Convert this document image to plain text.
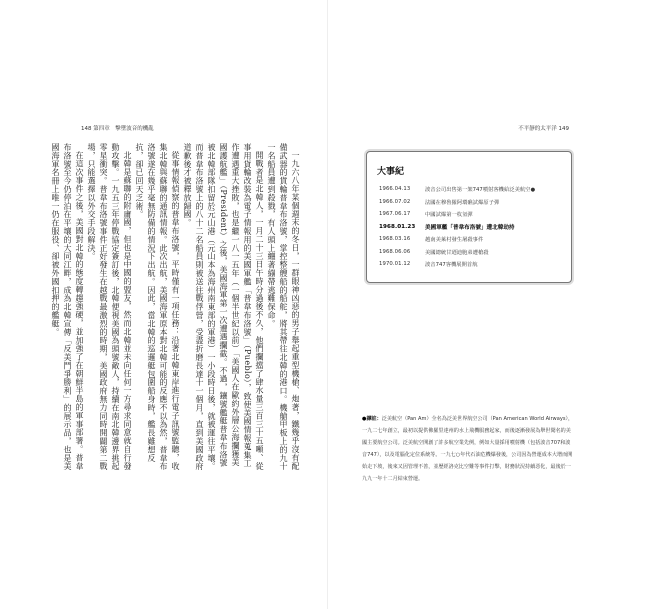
148 第四章　撃墜波音的機亂	不平靜的太平洋 149

一九六八年某個週末的冬日，一群眼神凶惡的男子舉起重型機槍、炮著，鐵幾乎沒有配備武器的貨輪普韋布洛號，掌控整艘船的船舵，將其帶往北韓的港口。機艙甲板上的九十一名船員遭到殺戮，有人頭上纏著繃帶逃難保命。

開戰者是北韓人，一月二十三日午時分過後不久，他們攔擋了肆水量三百三十五噸、從事用貨輪改裝為電子情報用的美國軍艦「普韋布洛號」（Pueblo），致使美國情報蒐集工作遭遇重大挫敗，也是繼一八一五年（一個半世紀以前）「美國人在歐約外層公海攔獲美國護航艦」（President）之後，美國海軍第一次遭遇攔截。不過，鑲號艦艇普韋布洛號被北韓部隊扣留於元山港（元山本為海州南東部的軍港）一小段時日後，就被運往平壤。而普韋布洛號上的八十二名船員則被送往戰俘營，受盡折磨長達十一個月，直到美國政府道歉後才被釋放歸國。

從事情報偵察的普韋布洛號，平時僅有一項任務：沿著北韓東岸進行電子訊號監聽，收集北韓與蘇聯的通訊情報。此次出航，美國海軍原本對北韓可能的反應不以為然，普韋布洛號遂在幾乎毫無防備的情況下出航。因此，當北韓的巡邏艇包圍船身時，艦長雖想反抗，卻已回天乏術。

北韓是蘇聯的附庸國，但也是中國的盟友，然而北韓並未向任何一方尋求同意就自行發動攻擊。一九五三年停戰協定簽訂後，北韓便視美國為頭號敵人，持續在南北韓邊界挑起零星衝突。普韋布洛號事件正好發生在越戰最激烈的時期，美國政府無力同時開闢第二戰場，只能選擇以外交手段解決。

在這次事件之後，美國對北韓的態度轉趨強硬，並加強了在朝鮮半島的軍事部署。普韋布洛號至今仍停泊在平壤的大同江畔，成為北韓宣傳「反美鬥爭勝利」的展示品，也是美國海軍名冊上唯一仍在服役、卻被外國扣押的艦艇。	大事紀
1966.04.13	波音公司出售第一架747噴射客機給泛美航空●
1966.07.02	法國在穆魯羅阿環礁試爆原子彈
1967.06.17	中國試爆第一枚氫彈
1968.01.23	美國軍艦「普韋布洛號」遭北韓劫持
1968.03.16	越南美萊村發生屠殺事件
1968.06.06	美國總統甘迺迪胞弟遭槍殺
1970.01.12	波音747客機展開首航
●譯註：泛美航空（Pan Am）全名為泛美世界航空公司（Pan American World Airways），一九二七年創立，最初以提供佛羅里達州的水上飛機服務起家，而後逐漸發展為舉世聞名的美國主要航空公司。泛美航空開創了許多航空業先例，例如大量採用噴射機（包括波音707和波音747），以及電腦化定位系統等。一九七○年代石油危機爆發後，公司因為營運成本大增而開始走下坡，後來又因管理不善，並歷經洛克比空難等事件打擊，財務狀況持續惡化，最後於一九九一年十二月結束營運。
